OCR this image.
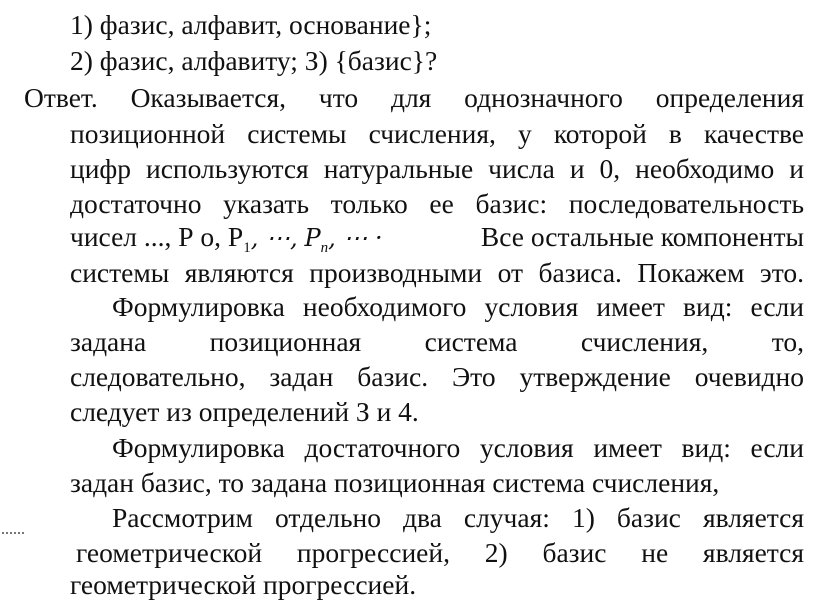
1) фазис, алфавит, основание};
2) фазис, алфавиту; З) {базис}?
Ответ. Оказывается, что для однозначного определения
позиционной системы счисления, у которой в качестве
цифр используются натуральные числа и 0, необходимо и
достаточно указать только ее базис: последовательность
чисел ..., Р о, $Р_1$, ⋯, $P_n$, ⋯ ·	Все остальные компоненты
системы являются производными от базиса. Покажем это.
Формулировка необходимого условия имеет вид: если
задана позиционная система счисления, то,
следовательно, задан базис. Это утверждение очевидно
следует из определений З и 4.
Формулировка достаточного условия имеет вид: если
задан базис, то задана позиционная система счисления,
Рассмотрим отдельно два случая: 1) базис является
геометрической прогрессией, 2) базис не является
геометрической прогрессией.
